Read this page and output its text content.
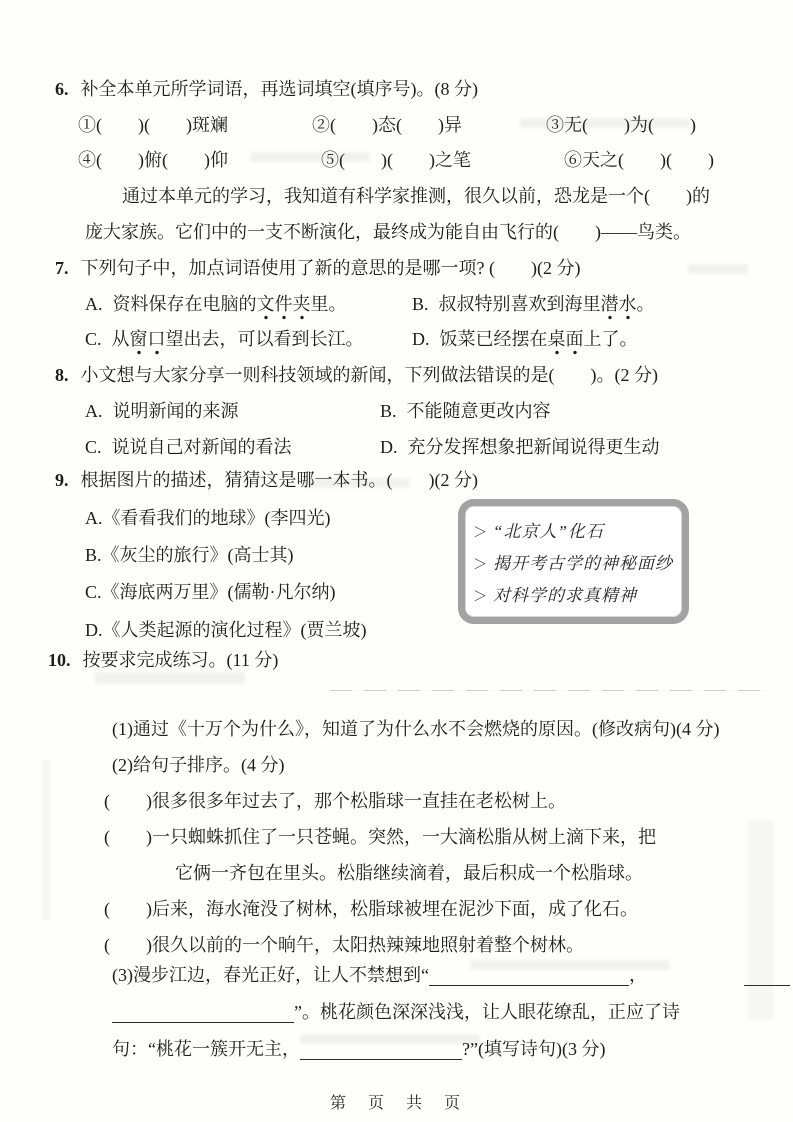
6. 补全本单元所学词语，再选词填空(填序号)。(8 分)
①(　　)(　　)斑斓	②(　　)态(　　)异	③无(　　)为(　　)
④(　　)俯(　　)仰	⑤(　　)(　　)之笔	⑥天之(　　)(　　)
通过本单元的学习，我知道有科学家推测，很久以前，恐龙是一个(　　)的
庞大家族。它们中的一支不断演化，最终成为能自由飞行的(　　)——鸟类。
7. 下列句子中，加点词语使用了新的意思的是哪一项? (　　)(2 分)
A. 资料保存在电脑的文件夹里。	B. 叔叔特别喜欢到海里潜水。
C. 从窗口望出去，可以看到长江。	D. 饭菜已经摆在桌面上了。
8. 小文想与大家分享一则科技领域的新闻，下列做法错误的是(　　)。(2 分)
A. 说明新闻的来源	B. 不能随意更改内容
C. 说说自己对新闻的看法	D. 充分发挥想象把新闻说得更生动
9. 根据图片的描述，猜猜这是哪一本书。(　　)(2 分)
A.《看看我们的地球》(李四光)
B.《灰尘的旅行》(高士其)
C.《海底两万里》(儒勒·凡尔纳)
D.《人类起源的演化过程》(贾兰坡)
＞ “北京人”化石
＞ 揭开考古学的神秘面纱
＞ 对科学的求真精神
10. 按要求完成练习。(11 分)
(1)通过《十万个为什么》，知道了为什么水不会燃烧的原因。(修改病句)(4 分)
(2)给句子排序。(4 分)
(　　)很多很多年过去了，那个松脂球一直挂在老松树上。
(　　)一只蜘蛛抓住了一只苍蝇。突然，一大滴松脂从树上滴下来，把
它俩一齐包在里头。松脂继续滴着，最后积成一个松脂球。
(　　)后来，海水淹没了树林，松脂球被埋在泥沙下面，成了化石。
(　　)很久以前的一个晌午，太阳热辣辣地照射着整个树林。
(3)漫步江边，春光正好，让人不禁想到“	，
”。桃花颜色深深浅浅，让人眼花缭乱，正应了诗
句：“桃花一簇开无主，	?”(填写诗句)(3 分)
第　页　共　页
